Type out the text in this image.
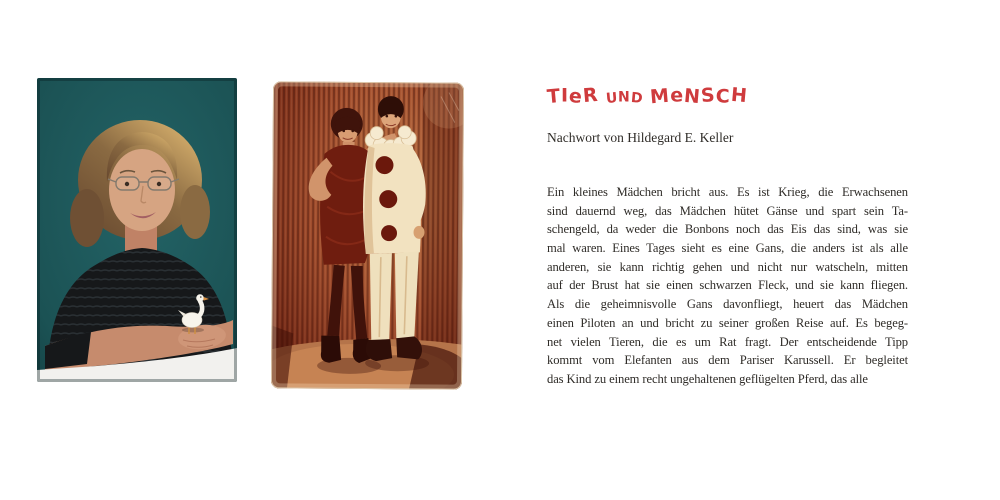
TIeR UND MeNSCH
Nachwort von Hildegard E. Keller
Ein kleines Mädchen bricht aus. Es ist Krieg, die Erwachsenen
sind dauernd weg, das Mädchen hütet Gänse und spart sein Ta-
schengeld, da weder die Bonbons noch das Eis das sind, was sie
mal waren. Eines Tages sieht es eine Gans, die anders ist als alle
anderen, sie kann richtig gehen und nicht nur watscheln, mitten
auf der Brust hat sie einen schwarzen Fleck, und sie kann fliegen.
Als die geheimnisvolle Gans davonfliegt, heuert das Mädchen
einen Piloten an und bricht zu seiner großen Reise auf. Es begeg-
net vielen Tieren, die es um Rat fragt. Der entscheidende Tipp
kommt vom Elefanten aus dem Pariser Karussell. Er begleitet
das Kind zu einem recht ungehaltenen geflügelten Pferd, das alle
